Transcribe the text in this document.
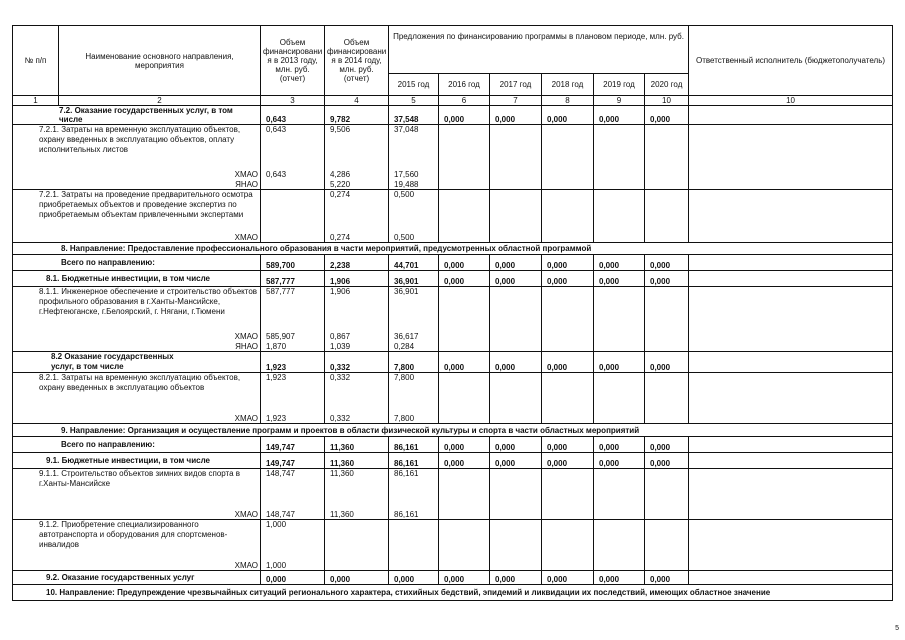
№ п/п	Наименование основного направления, мероприятия	Объем финансировани я в 2013 году, млн. руб. (отчет)	Объем финансировани я в 2014 году, млн. руб. (отчет)	Предложения по финансированию программы в плановом периоде, млн. руб.						Ответственный исполнитель (бюджетополучатель)	
				2015 год	2016 год	2017 год	2018 год	2019 год	2020 год		
1	2	3	4	5	6	7	8	9	10	10	
7.2. Оказание государственных услуг, в том числе		0,643	9,782	37,548	0,000	0,000	0,000	0,000	0,000		
7.2.1. Затраты на временную эксплуатацию объектов, охрану введенных в эксплуатацию объектов, оплату исполнительных листов		0,643	9,506	37,048							
ХМАО		0,643	4,286	17,560							
ЯНАО			5,220	19,488							
7.2.1. Затраты на проведение предварительного осмотра приобретаемых объектов и проведение экспертиз по приобретаемым объектам привлеченными экспертами			0,274	0,500							
ХМАО			0,274	0,500							
8. Направление: Предоставление профессионального образования в части мероприятий, предусмотренных областной программой											
Всего по направлению:		589,700	2,238	44,701	0,000	0,000	0,000	0,000	0,000		
8.1. Бюджетные инвестиции, в том числе		587,777	1,906	36,901	0,000	0,000	0,000	0,000	0,000		
8.1.1. Инженерное обеспечение и строительство объектов профильного образования в г.Ханты-Мансийске, г.Нефтеюганске, г.Белоярский, г. Нягани, г.Тюмени		587,777	1,906	36,901							
ХМАО		585,907	0,867	36,617							
ЯНАО		1,870	1,039	0,284							
8.2 Оказание государственных услуг, в том числе		1,923	0,332	7,800	0,000	0,000	0,000	0,000	0,000		
8.2.1. Затраты на временную эксплуатацию объектов, охрану введенных в эксплуатацию объектов		1,923	0,332	7,800							
ХМАО		1,923	0,332	7,800							
9. Направление: Организация и осуществление программ и проектов в области физической культуры и спорта в части областных мероприятий											
Всего по направлению:		149,747	11,360	86,161	0,000	0,000	0,000	0,000	0,000		
9.1. Бюджетные инвестиции, в том числе		149,747	11,360	86,161	0,000	0,000	0,000	0,000	0,000		
9.1.1. Строительство объектов зимних видов спорта в г.Ханты-Мансийске		148,747	11,360	86,161							
ХМАО		148,747	11,360	86,161							
9.1.2. Приобретение специализированного автотранспорта и оборудования для спортсменов-инвалидов		1,000									
ХМАО		1,000									
9.2. Оказание государственных услуг		0,000	0,000	0,000	0,000	0,000	0,000	0,000	0,000		
10. Направление: Предупреждение чрезвычайных ситуаций регионального характера, стихийных бедствий, эпидемий и ликвидации их последствий, имеющих областное значение											
5
